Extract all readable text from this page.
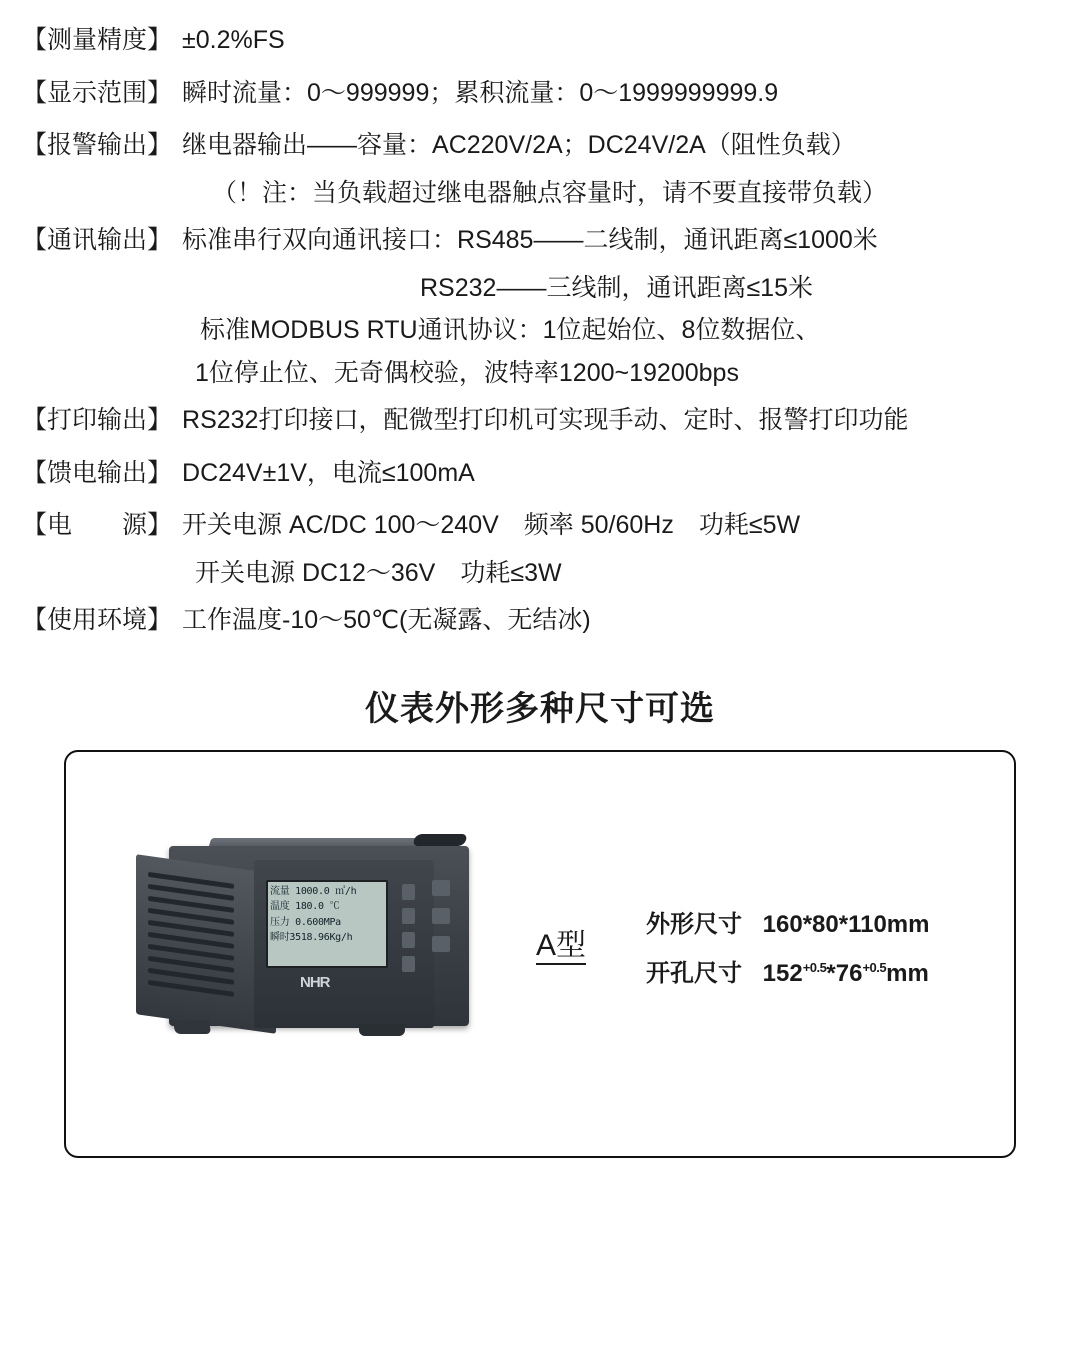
【测量精度】 ±0.2%FS
【显示范围】 瞬时流量：0～999999；累积流量：0～1999999999.9
【报警输出】 继电器输出——容量：AC220V/2A；DC24V/2A（阻性负载）
（！注：当负载超过继电器触点容量时，请不要直接带负载）
【通讯输出】 标准串行双向通讯接口：RS485——二线制，通讯距离≤1000米
RS232——三线制，通讯距离≤15米
标准MODBUS RTU通讯协议：1位起始位、8位数据位、
1位停止位、无奇偶校验，波特率1200~19200bps
【打印输出】 RS232打印接口，配微型打印机可实现手动、定时、报警打印功能
【馈电输出】 DC24V±1V，电流≤100mA
【电　　源】 开关电源 AC/DC 100～240V　频率 50/60Hz　功耗≤5W
开关电源 DC12～36V　功耗≤3W
【使用环境】 工作温度-10～50℃(无凝露、无结冰)
仪表外形多种尺寸可选
流量 1000.0 ㎥/h
温度 180.0 ℃
压力 0.600MPa
瞬时3518.96Kg/h
NHR
A型
外形尺寸 160*80*110mm
开孔尺寸 $152^{+0.5}*76^{+0.5}mm$
